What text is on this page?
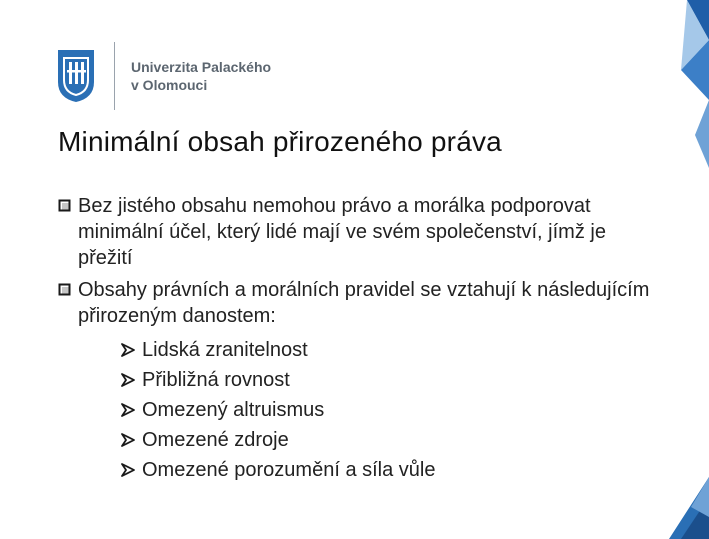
Univerzita Palackého
v Olomouci
Minimální obsah přirozeného práva
Bez jistého obsahu nemohou právo a morálka podporovat minimální účel, který lidé mají ve svém společenství, jímž je přežití
Obsahy právních a morálních pravidel se vztahují k následujícím přirozeným danostem:
Lidská zranitelnost
Přibližná rovnost
Omezený altruismus
Omezené zdroje
Omezené porozumění a síla vůle
